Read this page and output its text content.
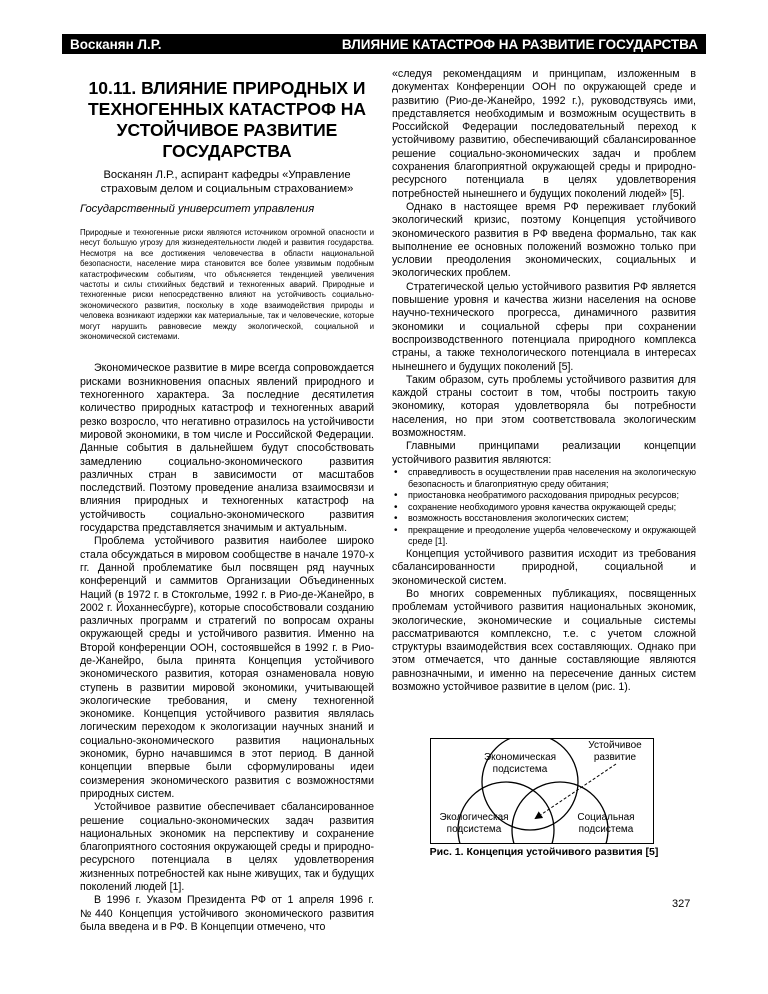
Восканян Л.Р.	ВЛИЯНИЕ КАТАСТРОФ НА РАЗВИТИЕ ГОСУДАРСТВА
10.11. ВЛИЯНИЕ ПРИРОДНЫХ И ТЕХНОГЕННЫХ КАТАСТРОФ НА УСТОЙЧИВОЕ РАЗВИТИЕ ГОСУДАРСТВА
Восканян Л.Р., аспирант кафедры «Управление страховым делом и социальным страхованием»
Государственный университет управления
Природные и техногенные риски являются источником огромной опасности и несут большую угрозу для жизнедеятельности людей и развития государства. Несмотря на все достижения человечества в области национальной безопасности, население мира становится все более уязвимым подобным катастрофическим событиям, что объясняется тенденцией увеличения частоты и силы стихийных бедствий и техногенных аварий. Природные и техногенные риски непосредственно влияют на устойчивость социально-экономического развития, поскольку в ходе взаимодействия природы и человека возникают издержки как материальные, так и человеческие, которые могут нарушить равновесие между экологической, социальной и экономической системами.

Экономическое развитие в мире всегда сопровождается рисками возникновения опасных явлений природного и техногенного характера. За последние десятилетия количество природных катастроф и техногенных аварий резко возросло, что негативно отразилось на устойчивости мировой экономики, в том числе и Российской Федерации. Данные события в дальнейшем будут способствовать замедлению социально-экономического развития различных стран в зависимости от масштабов последствий. Поэтому проведение анализа взаимосвязи и влияния природных и техногенных катастроф на устойчивость социально-экономического развития государства представляется значимым и актуальным.

Проблема устойчивого развития наиболее широко стала обсуждаться в мировом сообществе в начале 1970-х гг. Данной проблематике был посвящен ряд научных конференций и саммитов Организации Объединенных Наций (в 1972 г. в Стокгольме, 1992 г. в Рио-де-Жанейро, в 2002 г. Йоханнесбурге), которые способствовали созданию различных программ и стратегий по вопросам охраны окружающей среды и устойчивого развития. Именно на Второй конференции ООН, состоявшейся в 1992 г. в Рио-де-Жанейро, была принята Концепция устойчивого экономического развития, которая ознаменовала новую ступень в развитии мировой экономики, учитывающей экологические требования, и смену техногенной экономике. Концепция устойчивого развития являлась логическим переходом к экологизации научных знаний и социально-экономического развития национальных экономик, бурно начавшимся в этот период. В данной концепции впервые были сформулированы идеи соизмерения экономического развития с возможностями природных систем.

Устойчивое развитие обеспечивает сбалансированное решение социально-экономических задач развития национальных экономик на перспективу и сохранение благоприятного состояния окружающей среды и природно-ресурсного потенциала в целях удовлетворения жизненных потребностей как ныне живущих, так и будущих поколений людей [1].

В 1996 г. Указом Президента РФ от 1 апреля 1996 г. №440 Концепция устойчивого экономического развития была введена и в РФ. В Концепции отмечено, что

«следуя рекомендациям и принципам, изложенным в документах Конференции ООН по окружающей среде и развитию (Рио-де-Жанейро, 1992 г.), руководствуясь ими, представляется необходимым и возможным осуществить в Российской Федерации последовательный переход к устойчивому развитию, обеспечивающий сбалансированное решение социально-экономических задач и проблем сохранения благоприятной окружающей среды и природно-ресурсного потенциала в целях удовлетворения потребностей нынешнего и будущих поколений людей» [5].

Однако в настоящее время РФ переживает глубокий экологический кризис, поэтому Концепция устойчивого экономического развития в РФ введена формально, так как выполнение ее основных положений возможно только при условии преодоления экономических, социальных и экологических проблем.

Стратегической целью устойчивого развития РФ является повышение уровня и качества жизни населения на основе научно-технического прогресса, динамичного развития экономики и социальной сферы при сохранении воспроизводственного потенциала природного комплекса страны, а также технологического потенциала в интересах нынешнего и будущих поколений [5].

Таким образом, суть проблемы устойчивого развития для каждой страны состоит в том, чтобы построить такую экономику, которая удовлетворяла бы потребности населения, но при этом соответствовала экологическим возможностям.

Главными принципами реализации концепции устойчивого развития являются:

• справедливость в осуществлении прав населения на экологическую безопасность и благоприятную среду обитания;
• приостановка необратимого расходования природных ресурсов;
• сохранение необходимого уровня качества окружающей среды;
• возможность восстановления экологических систем;
• прекращение и преодоление ущерба человеческому и окружающей среде [1].

Концепция устойчивого развития исходит из требования сбалансированности природной, социальной и экономической систем.

Во многих современных публикациях, посвященных проблемам устойчивого развития национальных экономик, экологические, экономические и социальные системы рассматриваются комплексно, т.е. с учетом сложной структуры взаимодействия всех составляющих. Однако при этом отмечается, что данные составляющие являются равнозначными, и именно на пересечение данных систем возможно устойчивое развитие в целом (рис. 1).

Экономическая подсистема
Экологическая подсистема
Социальная подсистема
Устойчивое развитие
Рис. 1. Концепция устойчивого развития [5]
327
